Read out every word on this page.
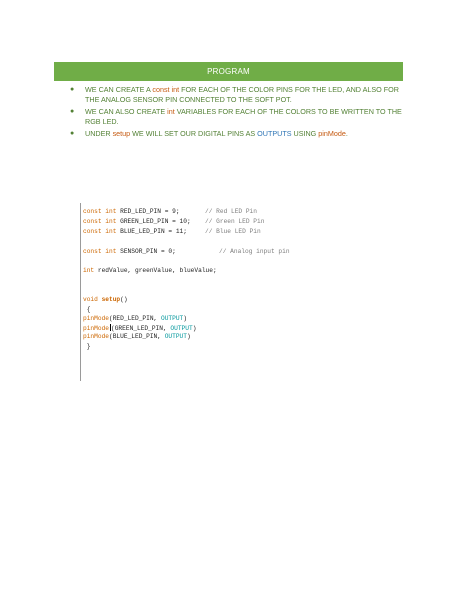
PROGRAM
● WE CAN CREATE A const int FOR EACH OF THE COLOR PINS FOR THE LED, AND ALSO FOR THE ANALOG SENSOR PIN CONNECTED TO THE SOFT POT.
● WE CAN ALSO CREATE int VARIABLES FOR EACH OF THE COLORS TO BE WRITTEN TO THE RGB LED.
● UNDER setup WE WILL SET OUR DIGITAL PINS AS OUTPUTS USING pinMode.
const int RED_LED_PIN = 9;	// Red LED Pin
const int GREEN_LED_PIN = 10; // Green LED Pin
const int BLUE_LED_PIN = 11;	// Blue LED Pin
const int SENSOR_PIN = 0;	// Analog input pin
int redValue, greenValue, blueValue;
void setup()
{
pinMode(RED_LED_PIN, OUTPUT)
pinMode (GREEN_LED_PIN, OUTPUT)
pinMode(BLUE_LED_PIN, OUTPUT)
}
